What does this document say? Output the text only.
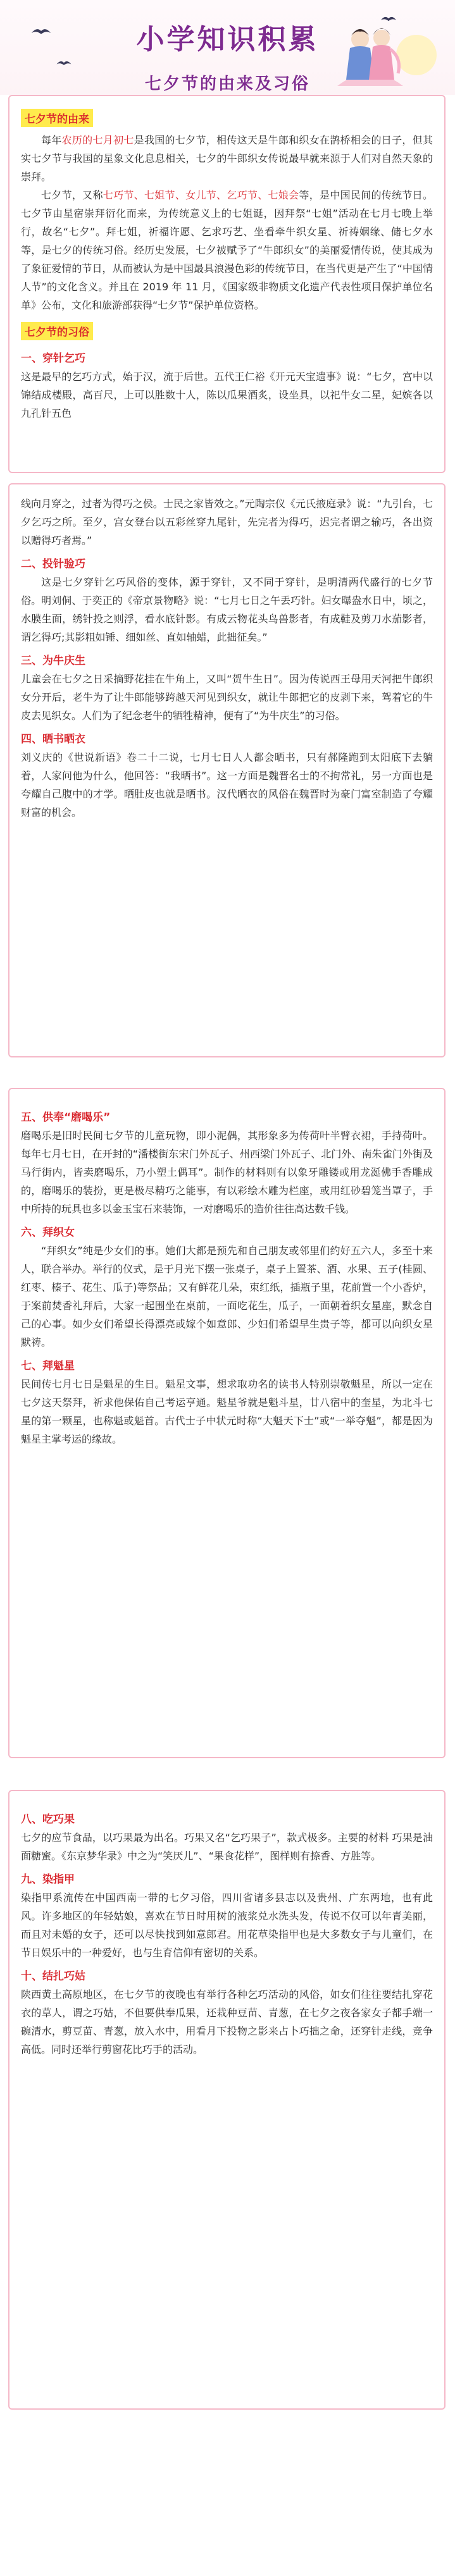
小学知识积累
七夕节的由来及习俗
七夕节的由来

每年农历的七月初七是我国的七夕节，相传这天是牛郎和织女在鹊桥相会的日子，但其实七夕节与我国的星象文化息息相关，七夕的牛郎织女传说最早就来源于人们对自然天象的崇拜。

七夕节，又称七巧节、七姐节、女儿节、乞巧节、七娘会等，是中国民间的传统节日。七夕节由星宿崇拜衍化而来，为传统意义上的七姐诞，因拜祭“七姐”活动在七月七晚上举行，故名“七夕”。拜七姐，祈福许愿、乞求巧艺、坐看牵牛织女星、祈祷姻缘、储七夕水等，是七夕的传统习俗。经历史发展，七夕被赋予了“牛郎织女”的美丽爱情传说，使其成为了象征爱情的节日，从而被认为是中国最具浪漫色彩的传统节日，在当代更是产生了“中国情人节”的文化含义。并且在 2019 年 11 月，《国家级非物质文化遗产代表性项目保护单位名单》公布，文化和旅游部获得“七夕节”保护单位资格。

七夕节的习俗
一、穿针乞巧

这是最早的乞巧方式，始于汉，流于后世。五代王仁裕《开元天宝遗事》说：“七夕，宫中以锦结成楼殿，高百尺，上可以胜数十人，陈以瓜果酒炙，设坐具，以祀牛女二星，妃嫔各以九孔针五色

线向月穿之，过者为得巧之侯。士民之家皆效之。”元陶宗仪《元氏掖庭录》说：“九引台，七夕乞巧之所。至夕，宫女登台以五彩丝穿九尾针，先完者为得巧，迟完者谓之输巧，各出资以赠得巧者焉。”

二、投针验巧

这是七夕穿针乞巧风俗的变体，源于穿针，又不同于穿针，是明清两代盛行的七夕节俗。明刘侗、于奕正的《帝京景物略》说：“七月七日之午丢巧针。妇女曝盎水日中，顷之，水膜生面，绣针投之则浮，看水底针影。有成云物花头鸟兽影者，有成鞋及剪刀水茄影者，谓乞得巧;其影粗如锤、细如丝、直如轴蜡，此拙征矣。”

三、为牛庆生

儿童会在七夕之日采摘野花挂在牛角上，又叫“贺牛生日”。因为传说西王母用天河把牛郎织女分开后，老牛为了让牛郎能够跨越天河见到织女，就让牛郎把它的皮剥下来，驾着它的牛皮去见织女。人们为了纪念老牛的牺牲精神，便有了“为牛庆生”的习俗。

四、晒书晒衣

刘义庆的《世说新语》卷二十二说，七月七日人人都会晒书，只有郝隆跑到太阳底下去躺着，人家问他为什么，他回答：“我晒书”。这一方面是魏晋名士的不拘常礼，另一方面也是夸耀自己腹中的才学。晒肚皮也就是晒书。汉代晒衣的风俗在魏晋时为豪门富室制造了夸耀财富的机会。

五、供奉“磨喝乐”

磨喝乐是旧时民间七夕节的儿童玩物，即小泥偶，其形象多为传荷叶半臂衣裙，手持荷叶。每年七月七日，在开封的“潘楼街东宋门外瓦子、州西梁门外瓦子、北门外、南朱雀门外街及马行街内，皆卖磨喝乐，乃小塑土偶耳”。制作的材料则有以象牙雕镂或用龙涎佛手香雕成的，磨喝乐的装扮，更是极尽精巧之能事，有以彩绘木雕为栏座，或用红砂碧笼当罩子，手中所持的玩具也多以金玉宝石来装饰，一对磨喝乐的造价往往高达数千钱。

六、拜织女

“拜织女”纯是少女们的事。她们大都是预先和自己朋友或邻里们约好五六人，多至十来人，联合举办。举行的仪式，是于月光下摆一张桌子，桌子上置茶、酒、水果、五子(桂圆、红枣、榛子、花生、瓜子)等祭品；又有鲜花几朵，束红纸，插瓶子里，花前置一个小香炉，于案前焚香礼拜后，大家一起围坐在桌前，一面吃花生，瓜子，一面朝着织女星座，默念自己的心事。如少女们希望长得漂亮或嫁个如意郎、少妇们希望早生贵子等，都可以向织女星默祷。

七、拜魁星

民间传七月七日是魁星的生日。魁星文事，想求取功名的读书人特别崇敬魁星，所以一定在七夕这天祭拜，祈求他保佑自己考运亨通。魁星爷就是魁斗星，廿八宿中的奎星，为北斗七星的第一颗星，也称魁或魁首。古代士子中状元时称“大魁天下士”或“一举夺魁”，都是因为魁星主掌考运的缘故。

八、吃巧果

七夕的应节食品，以巧果最为出名。巧果又名“乞巧果子”，款式极多。主要的材料 巧果是油面糖蜜。《东京梦华录》中之为“笑厌儿”、“果食花样”，图样则有捺香、方胜等。

九、染指甲

染指甲系流传在中国西南一带的七夕习俗，四川省诸多县志以及贵州、广东两地，也有此风。许多地区的年轻姑娘，喜欢在节日时用树的液浆兑水洗头发，传说不仅可以年青美丽，而且对未婚的女子，还可以尽快找到如意郎君。用花草染指甲也是大多数女子与儿童们，在节日娱乐中的一种爱好，也与生育信仰有密切的关系。

十、结扎巧姑

陕西黄土高原地区，在七夕节的夜晚也有举行各种乞巧活动的风俗，如女们往往要结扎穿花衣的草人，谓之巧姑，不但要供奉瓜果，还栽种豆苗、青葱，在七夕之夜各家女子都手端一碗清水，剪豆苗、青葱，放入水中，用看月下投物之影来占卜巧拙之命，还穿针走线，竞争高低。同时还举行剪窗花比巧手的活动。
